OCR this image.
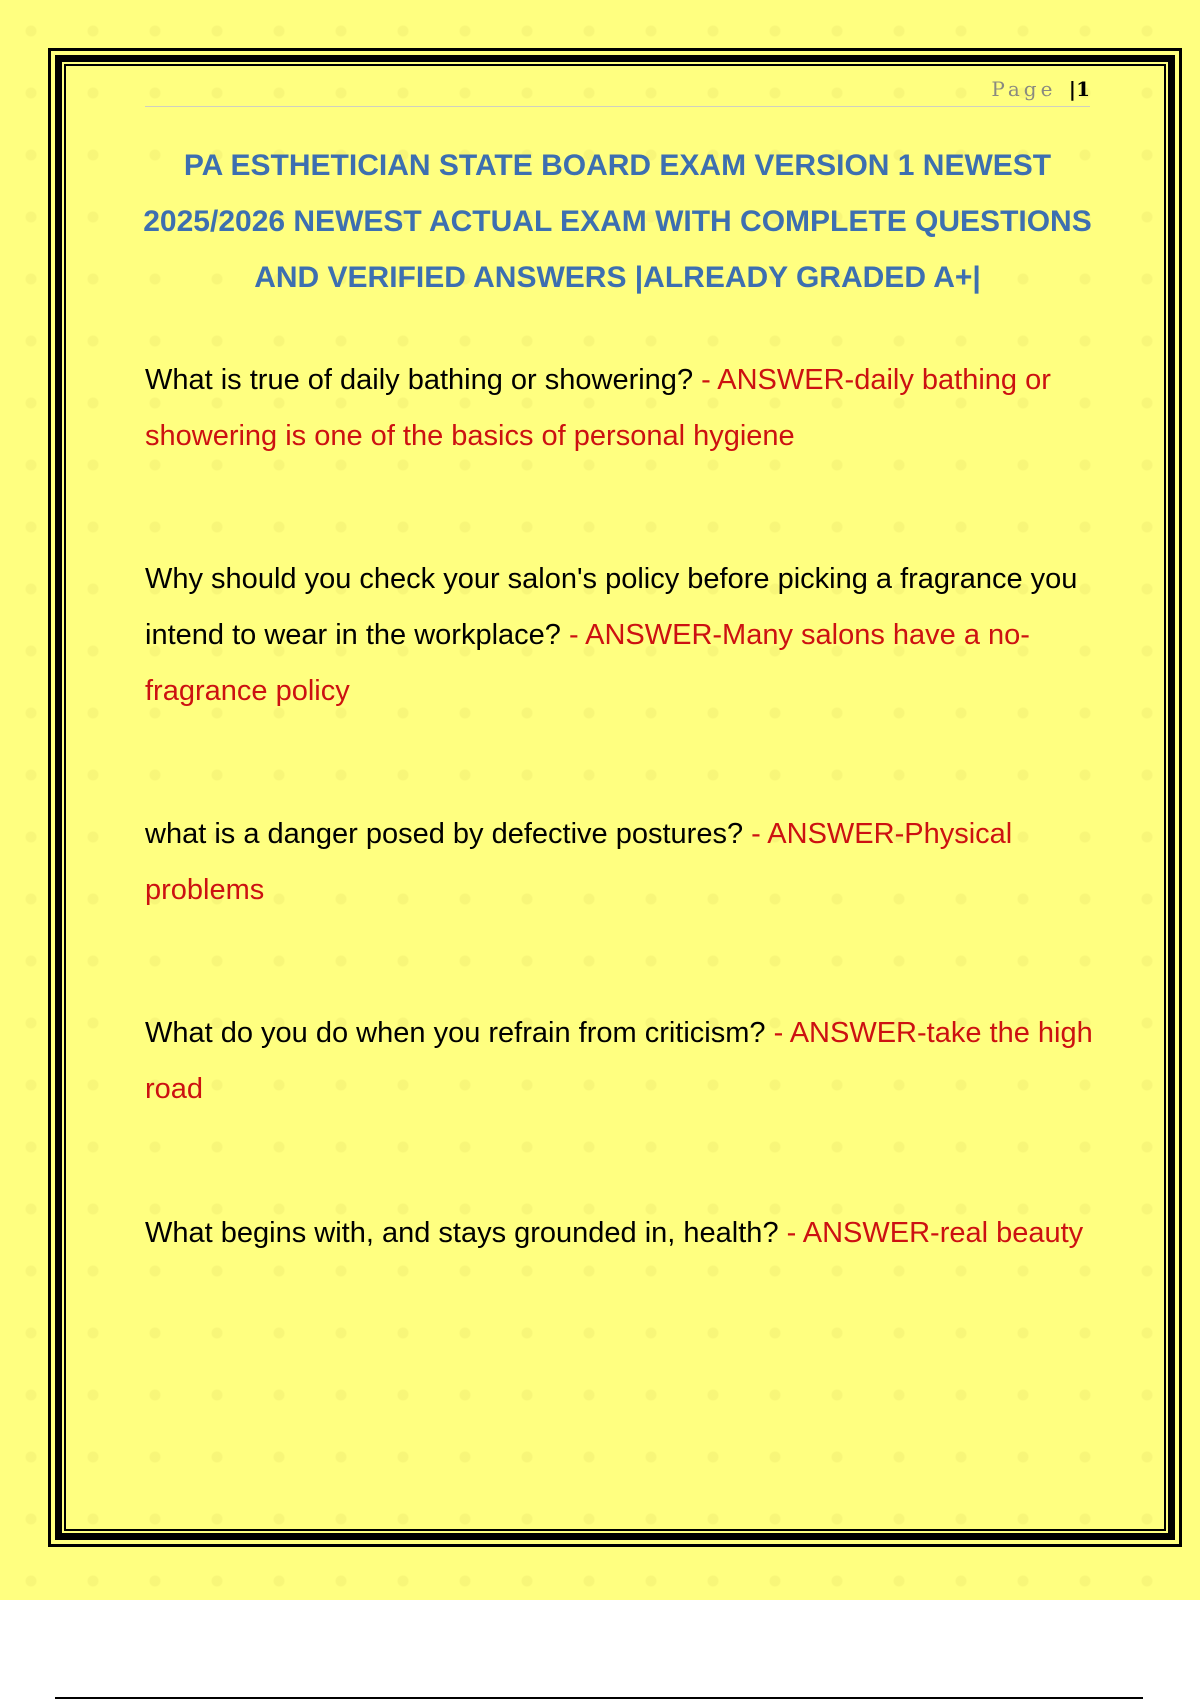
Page |1
PA ESTHETICIAN STATE BOARD EXAM VERSION 1 NEWEST 2025/2026 NEWEST ACTUAL EXAM WITH COMPLETE QUESTIONS AND VERIFIED ANSWERS |ALREADY GRADED A+|

What is true of daily bathing or showering? - ANSWER-daily bathing or showering is one of the basics of personal hygiene

Why should you check your salon's policy before picking a fragrance you intend to wear in the workplace? - ANSWER-Many salons have a no-fragrance policy

what is a danger posed by defective postures? - ANSWER-Physical problems

What do you do when you refrain from criticism? - ANSWER-take the high road

What begins with, and stays grounded in, health? - ANSWER-real beauty
